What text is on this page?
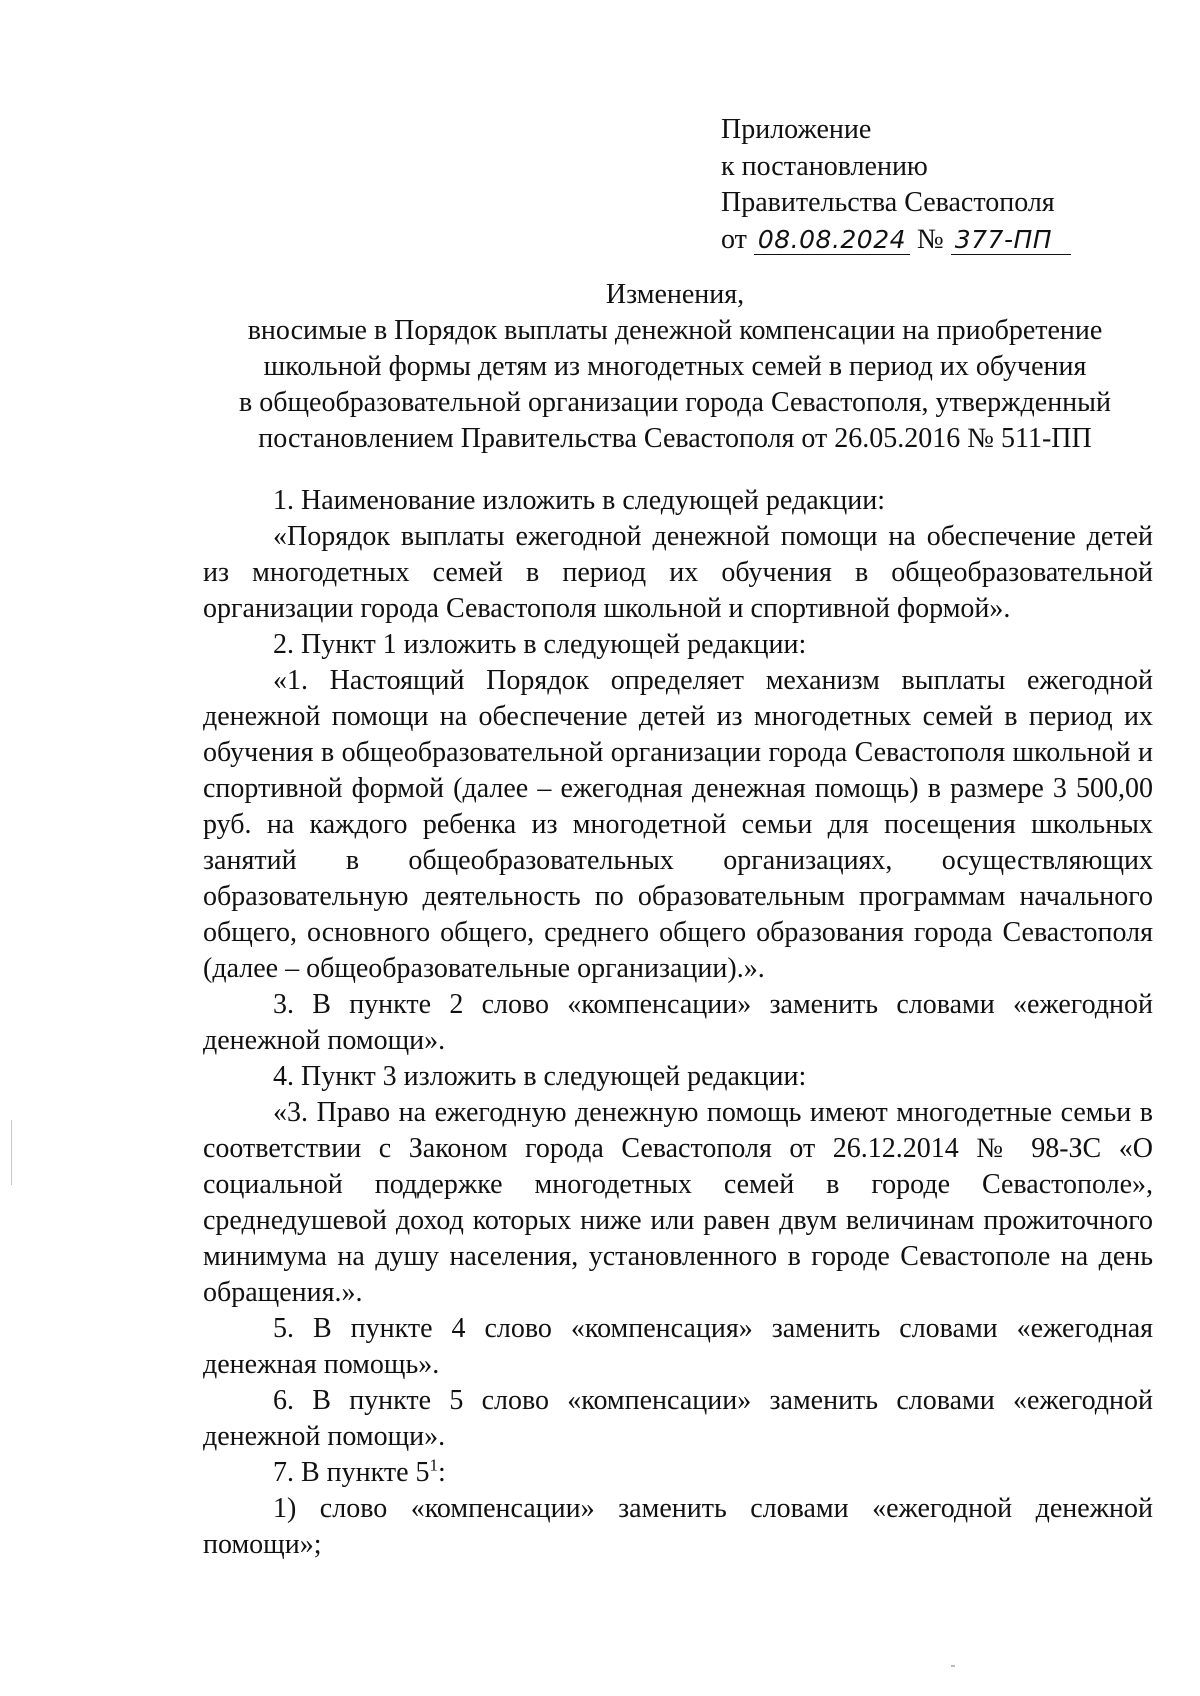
Приложение
к постановлению
Правительства Севастополя
от 08.08.2024 № 377-ПП
Изменения,
вносимые в Порядок выплаты денежной компенсации на приобретение
школьной формы детям из многодетных семей в период их обучения
в общеобразовательной организации города Севастополя, утвержденный
постановлением Правительства Севастополя от 26.05.2016 № 511-ПП

1. Наименование изложить в следующей редакции:

«Порядок выплаты ежегодной денежной помощи на обеспечение детей из многодетных семей в период их обучения в общеобразовательной организации города Севастополя школьной и спортивной формой».

2. Пункт 1 изложить в следующей редакции:

«1. Настоящий Порядок определяет механизм выплаты ежегодной денежной помощи на обеспечение детей из многодетных семей в период их обучения в общеобразовательной организации города Севастополя школьной и спортивной формой (далее – ежегодная денежная помощь) в размере 3 500,00 руб. на каждого ребенка из многодетной семьи для посещения школьных занятий в общеобразовательных организациях, осуществляющих образовательную деятельность по образовательным программам начального общего, основного общего, среднего общего образования города Севастополя (далее – общеобразовательные организации).».

3. В пункте 2 слово «компенсации» заменить словами «ежегодной денежной помощи».

4. Пункт 3 изложить в следующей редакции:

«3. Право на ежегодную денежную помощь имеют многодетные семьи в соответствии с Законом города Севастополя от 26.12.2014 № 98-ЗС «О социальной поддержке многодетных семей в городе Севастополе», среднедушевой доход которых ниже или равен двум величинам прожиточного минимума на душу населения, установленного в городе Севастополе на день обращения.».

5. В пункте 4 слово «компенсация» заменить словами «ежегодная денежная помощь».

6. В пункте 5 слово «компенсации» заменить словами «ежегодной денежной помощи».

7. В пункте $5^1$:

1) слово «компенсации» заменить словами «ежегодной денежной помощи»;
